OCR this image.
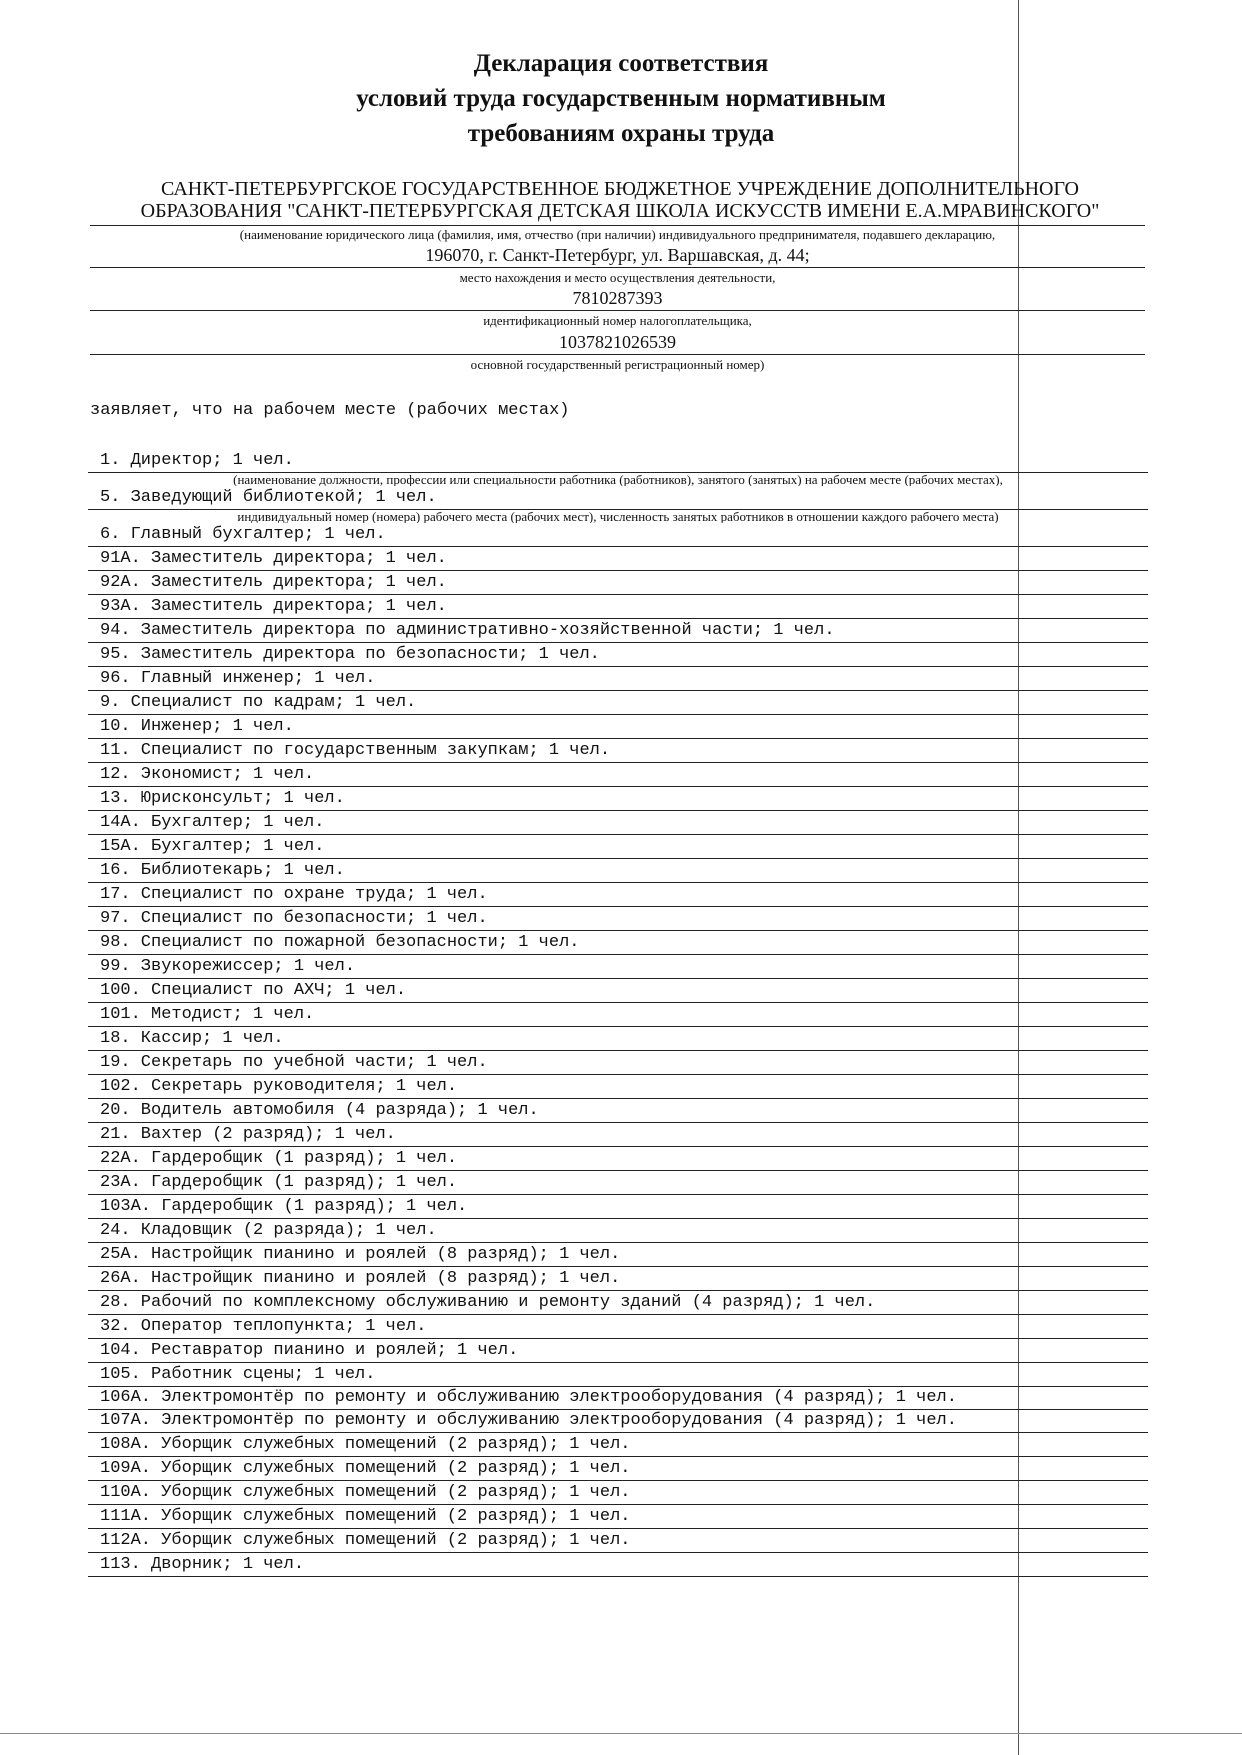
Декларация соответствия
условий труда государственным нормативным
требованиям охраны труда
САНКТ-ПЕТЕРБУРГСКОЕ ГОСУДАРСТВЕННОЕ БЮДЖЕТНОЕ УЧРЕЖДЕНИЕ ДОПОЛНИТЕЛЬНОГО
ОБРАЗОВАНИЯ "САНКТ-ПЕТЕРБУРГСКАЯ ДЕТСКАЯ ШКОЛА ИСКУССТВ ИМЕНИ Е.А.МРАВИНСКОГО"
(наименование юридического лица (фамилия, имя, отчество (при наличии) индивидуального предпринимателя, подавшего декларацию,
196070, г. Санкт-Петербург, ул. Варшавская, д. 44;
место нахождения и место осуществления деятельности,
7810287393
идентификационный номер налогоплательщика,
1037821026539
основной государственный регистрационный номер)
заявляет, что на рабочем месте (рабочих местах)
1. Директор; 1 чел.
(наименование должности, профессии или специальности работника (работников), занятого (занятых) на рабочем месте (рабочих местах),
5. Заведующий библиотекой; 1 чел.
индивидуальный номер (номера) рабочего места (рабочих мест), численность занятых работников в отношении каждого рабочего места)
6. Главный бухгалтер; 1 чел.
91А. Заместитель директора; 1 чел.
92А. Заместитель директора; 1 чел.
93А. Заместитель директора; 1 чел.
94. Заместитель директора по административно-хозяйственной части; 1 чел.
95. Заместитель директора по безопасности; 1 чел.
96. Главный инженер; 1 чел.
9. Специалист по кадрам; 1 чел.
10. Инженер; 1 чел.
11. Специалист по государственным закупкам; 1 чел.
12. Экономист; 1 чел.
13. Юрисконсульт; 1 чел.
14А. Бухгалтер; 1 чел.
15А. Бухгалтер; 1 чел.
16. Библиотекарь; 1 чел.
17. Специалист по охране труда; 1 чел.
97. Специалист по безопасности; 1 чел.
98. Специалист по пожарной безопасности; 1 чел.
99. Звукорежиссер; 1 чел.
100. Специалист по АХЧ; 1 чел.
101. Методист; 1 чел.
18. Кассир; 1 чел.
19. Секретарь по учебной части; 1 чел.
102. Секретарь руководителя; 1 чел.
20. Водитель автомобиля (4 разряда); 1 чел.
21. Вахтер (2 разряд); 1 чел.
22А. Гардеробщик (1 разряд); 1 чел.
23А. Гардеробщик (1 разряд); 1 чел.
103А. Гардеробщик (1 разряд); 1 чел.
24. Кладовщик (2 разряда); 1 чел.
25А. Настройщик пианино и роялей (8 разряд); 1 чел.
26А. Настройщик пианино и роялей (8 разряд); 1 чел.
28. Рабочий по комплексному обслуживанию и ремонту зданий (4 разряд); 1 чел.
32. Оператор теплопункта; 1 чел.
104. Реставратор пианино и роялей; 1 чел.
105. Работник сцены; 1 чел.
106А. Электромонтёр по ремонту и обслуживанию электрооборудования (4 разряд); 1 чел.
107А. Электромонтёр по ремонту и обслуживанию электрооборудования (4 разряд); 1 чел.
108А. Уборщик служебных помещений (2 разряд); 1 чел.
109А. Уборщик служебных помещений (2 разряд); 1 чел.
110А. Уборщик служебных помещений (2 разряд); 1 чел.
111А. Уборщик служебных помещений (2 разряд); 1 чел.
112А. Уборщик служебных помещений (2 разряд); 1 чел.
113. Дворник; 1 чел.
